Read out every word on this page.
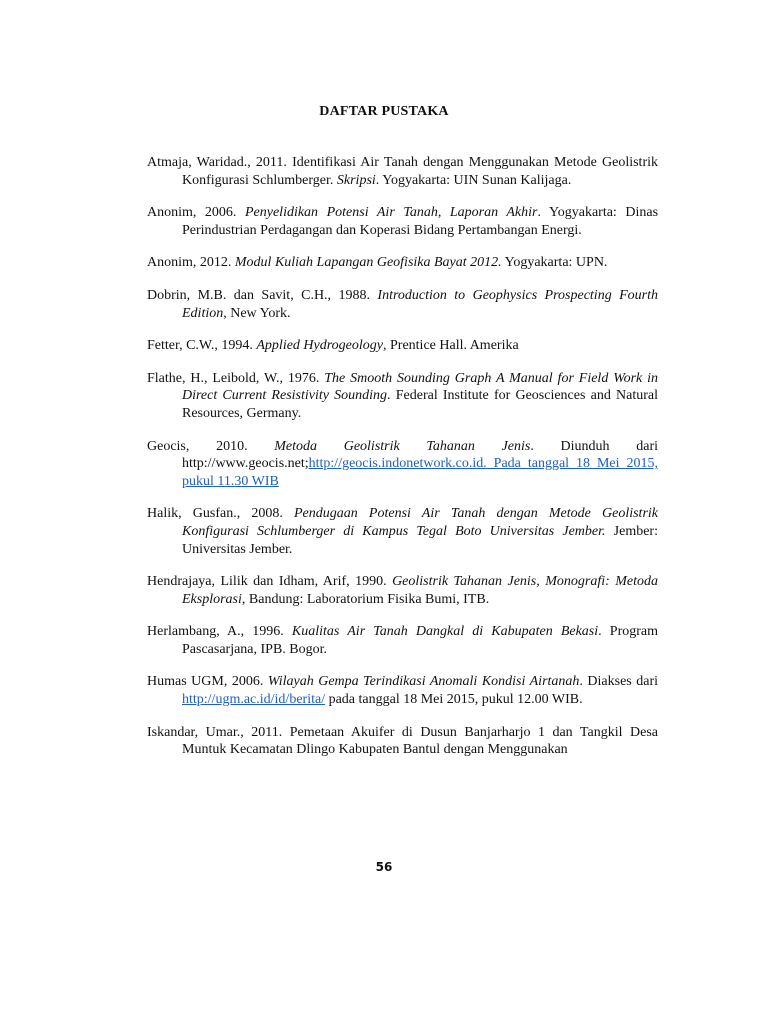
DAFTAR PUSTAKA

Atmaja, Waridad., 2011. Identifikasi Air Tanah dengan Menggunakan Metode Geolistrik Konfigurasi Schlumberger. Skripsi. Yogyakarta: UIN Sunan Kalijaga.

Anonim, 2006. Penyelidikan Potensi Air Tanah, Laporan Akhir. Yogyakarta: Dinas Perindustrian Perdagangan dan Koperasi Bidang Pertambangan Energi.

Anonim, 2012. Modul Kuliah Lapangan Geofisika Bayat 2012. Yogyakarta: UPN.

Dobrin, M.B. dan Savit, C.H., 1988. Introduction to Geophysics Prospecting Fourth Edition, New York.

Fetter, C.W., 1994. Applied Hydrogeology, Prentice Hall. Amerika

Flathe, H., Leibold, W., 1976. The Smooth Sounding Graph A Manual for Field Work in Direct Current Resistivity Sounding. Federal Institute for Geosciences and Natural Resources, Germany.

Geocis, 2010. Metoda Geolistrik Tahanan Jenis. Diunduh dari http://www.geocis.net;http://geocis.indonetwork.co.id. Pada tanggal 18 Mei 2015, pukul 11.30 WIB

Halik, Gusfan., 2008. Pendugaan Potensi Air Tanah dengan Metode Geolistrik Konfigurasi Schlumberger di Kampus Tegal Boto Universitas Jember. Jember: Universitas Jember.

Hendrajaya, Lilik dan Idham, Arif, 1990. Geolistrik Tahanan Jenis, Monografi: Metoda Eksplorasi, Bandung: Laboratorium Fisika Bumi, ITB.

Herlambang, A., 1996. Kualitas Air Tanah Dangkal di Kabupaten Bekasi. Program Pascasarjana, IPB. Bogor.

Humas UGM, 2006. Wilayah Gempa Terindikasi Anomali Kondisi Airtanah. Diakses dari http://ugm.ac.id/id/berita/ pada tanggal 18 Mei 2015, pukul 12.00 WIB.

Iskandar, Umar., 2011. Pemetaan Akuifer di Dusun Banjarharjo 1 dan Tangkil Desa Muntuk Kecamatan Dlingo Kabupaten Bantul dengan Menggunakan

56
